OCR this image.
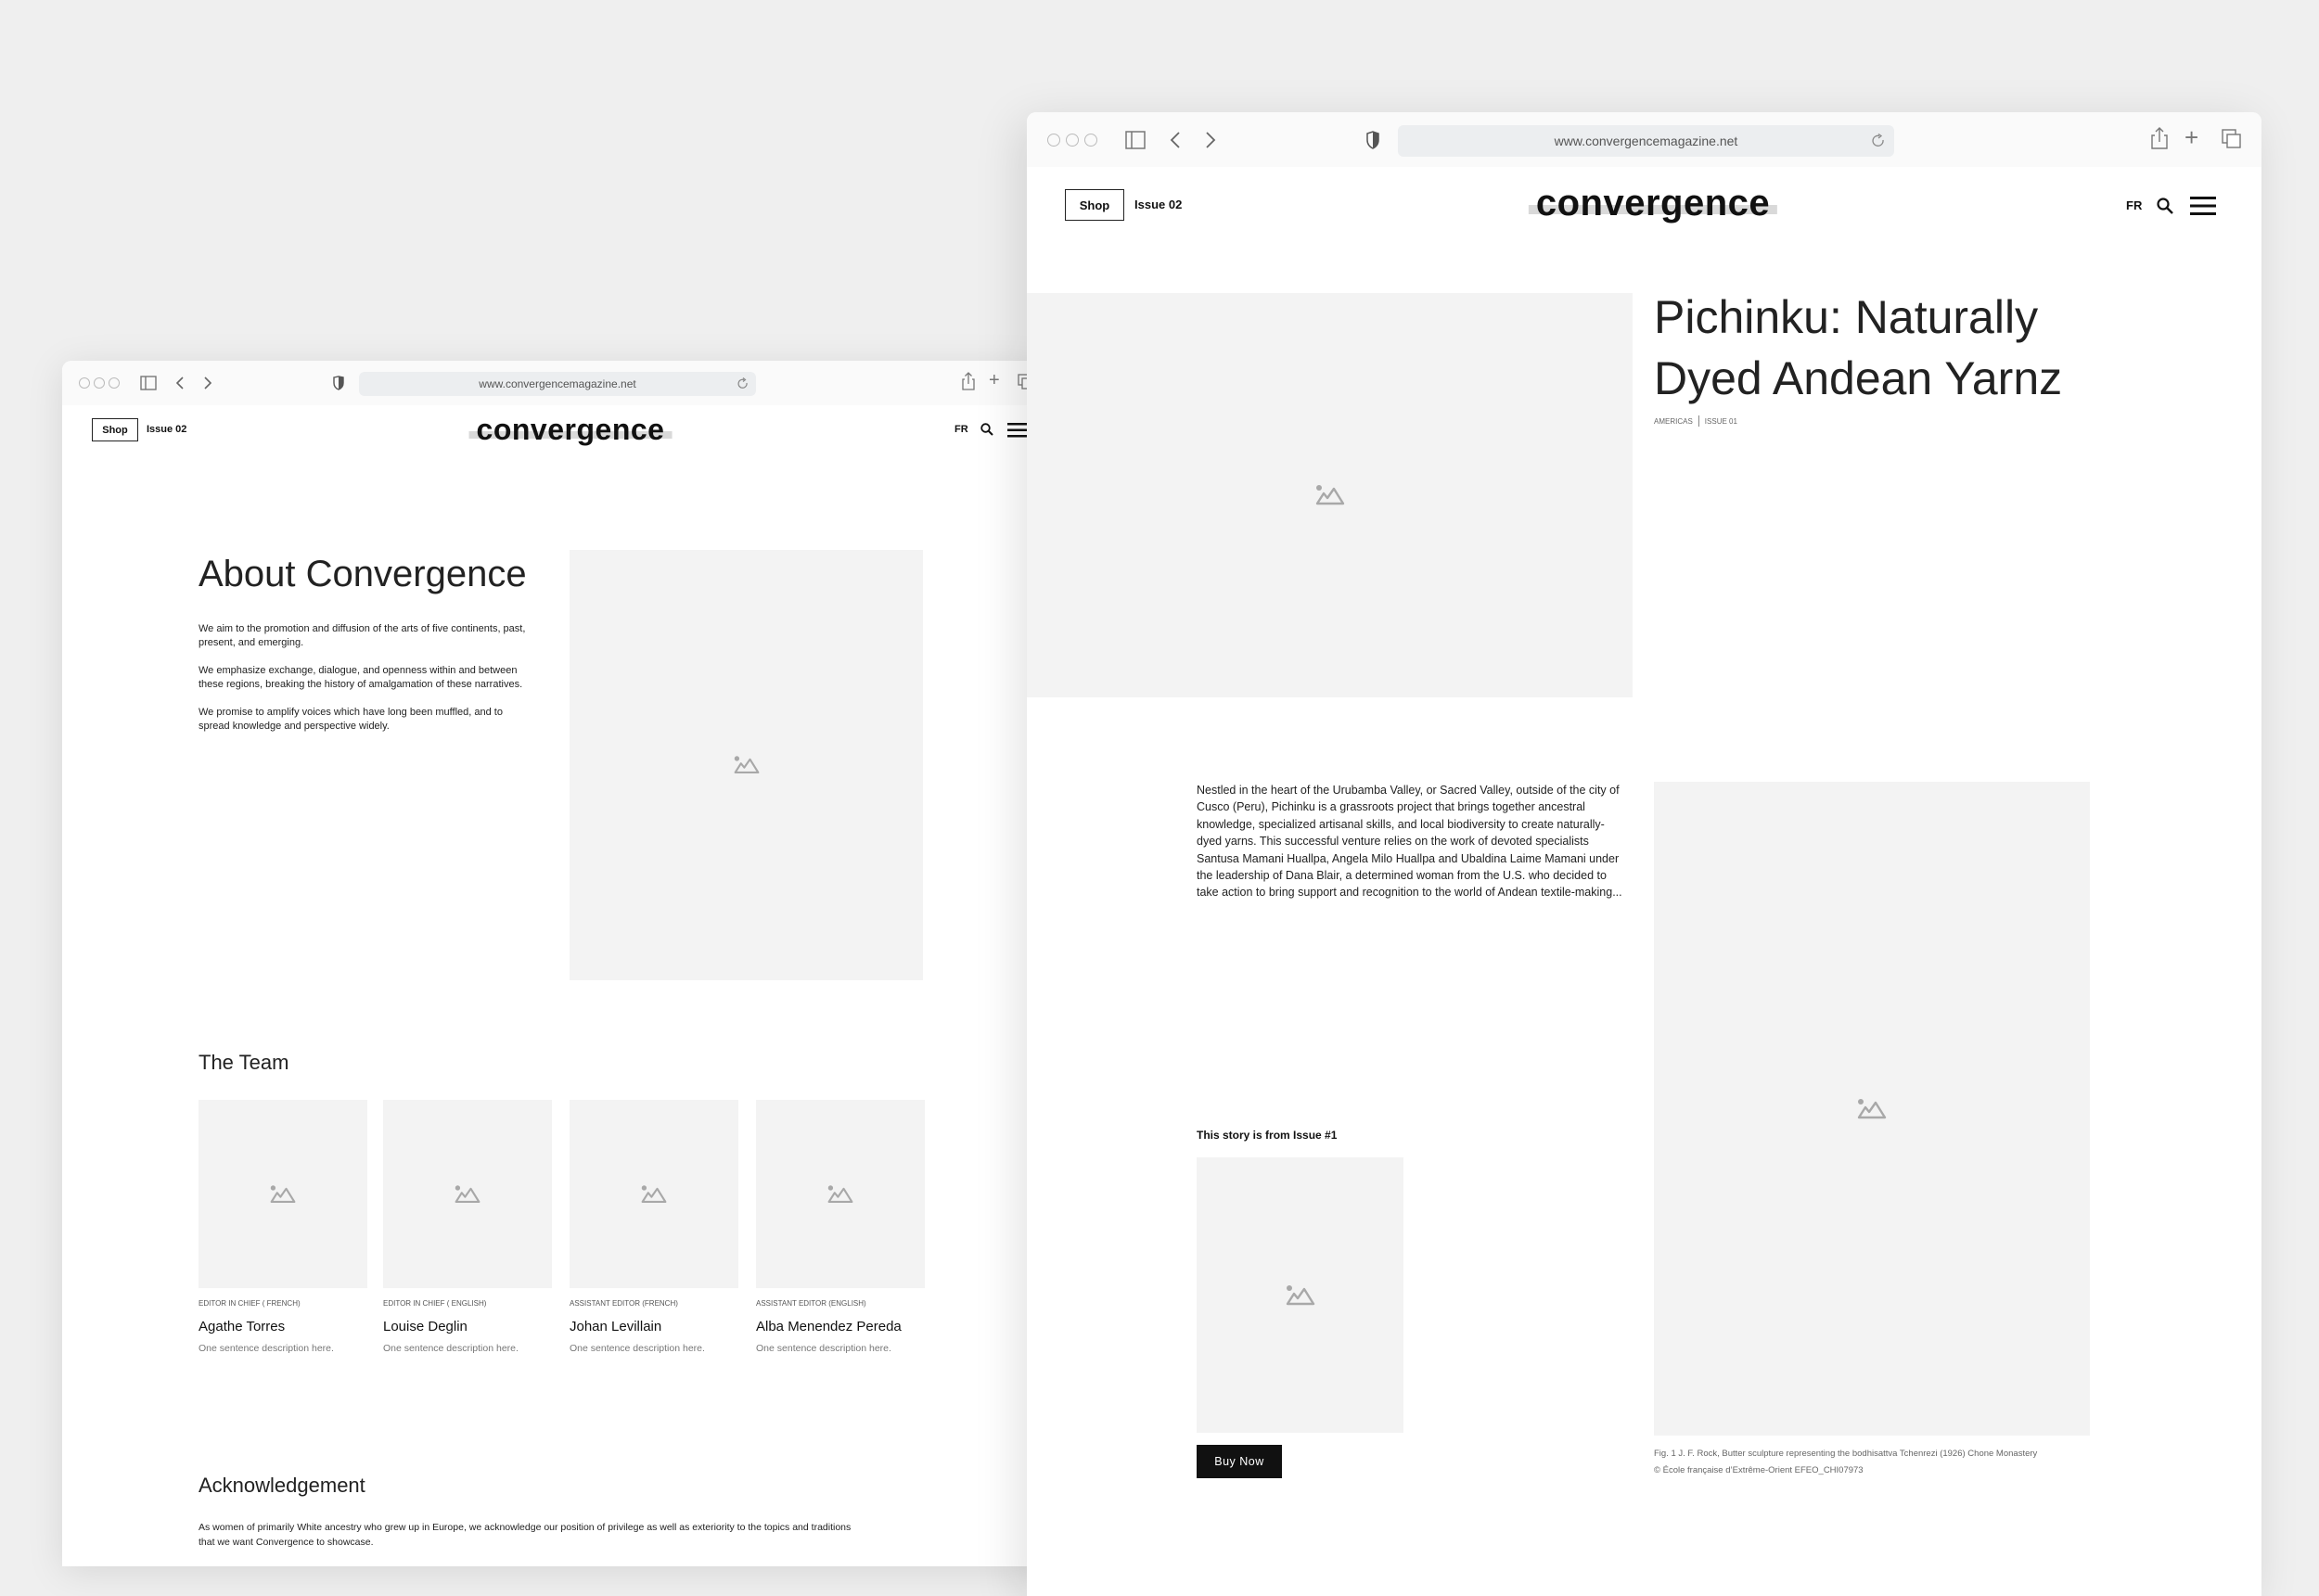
www.convergencemagazine.net	+
Shop Issue 02	convergence	FR
About Convergence

We aim to the promotion and diffusion of the arts of five continents, past, present, and emerging.

We emphasize exchange, dialogue, and openness within and between these regions, breaking the history of amalgamation of these narratives.

We promise to amplify voices which have long been muffled, and to spread knowledge and perspective widely.

The Team
EDITOR IN CHIEF ( FRENCH)
Agathe Torres
One sentence description here.
EDITOR IN CHIEF ( ENGLISH)
Louise Deglin
One sentence description here.
ASSISTANT EDITOR (FRENCH)
Johan Levillain
One sentence description here.
ASSISTANT EDITOR (ENGLISH)
Alba Menendez Pereda
One sentence description here.
Acknowledgement
As women of primarily White ancestry who grew up in Europe, we acknowledge our position of privilege as well as exteriority to the topics and traditions that we want Convergence to showcase.
www.convergencemagazine.net	+
Shop Issue 02	convergence	FR
Pichinku: Naturally
Dyed Andean Yarnz
AMERICAS ISSUE 01
Nestled in the heart of the Urubamba Valley, or Sacred Valley, outside of the city of Cusco (Peru), Pichinku is a grassroots project that brings together ancestral knowledge, specialized artisanal skills, and local biodiversity to create naturally-dyed yarns. This successful venture relies on the work of devoted specialists Santusa Mamani Huallpa, Angela Milo Huallpa and Ubaldina Laime Mamani under the leadership of Dana Blair, a determined woman from the U.S. who decided to take action to bring support and recognition to the world of Andean textile-making...
This story is from Issue #1
Buy Now
Fig. 1 J. F. Rock, Butter sculpture representing the bodhisattva Tchenrezi (1926) Chone Monastery
© École française d’Extrême-Orient EFEO_CHI07973
